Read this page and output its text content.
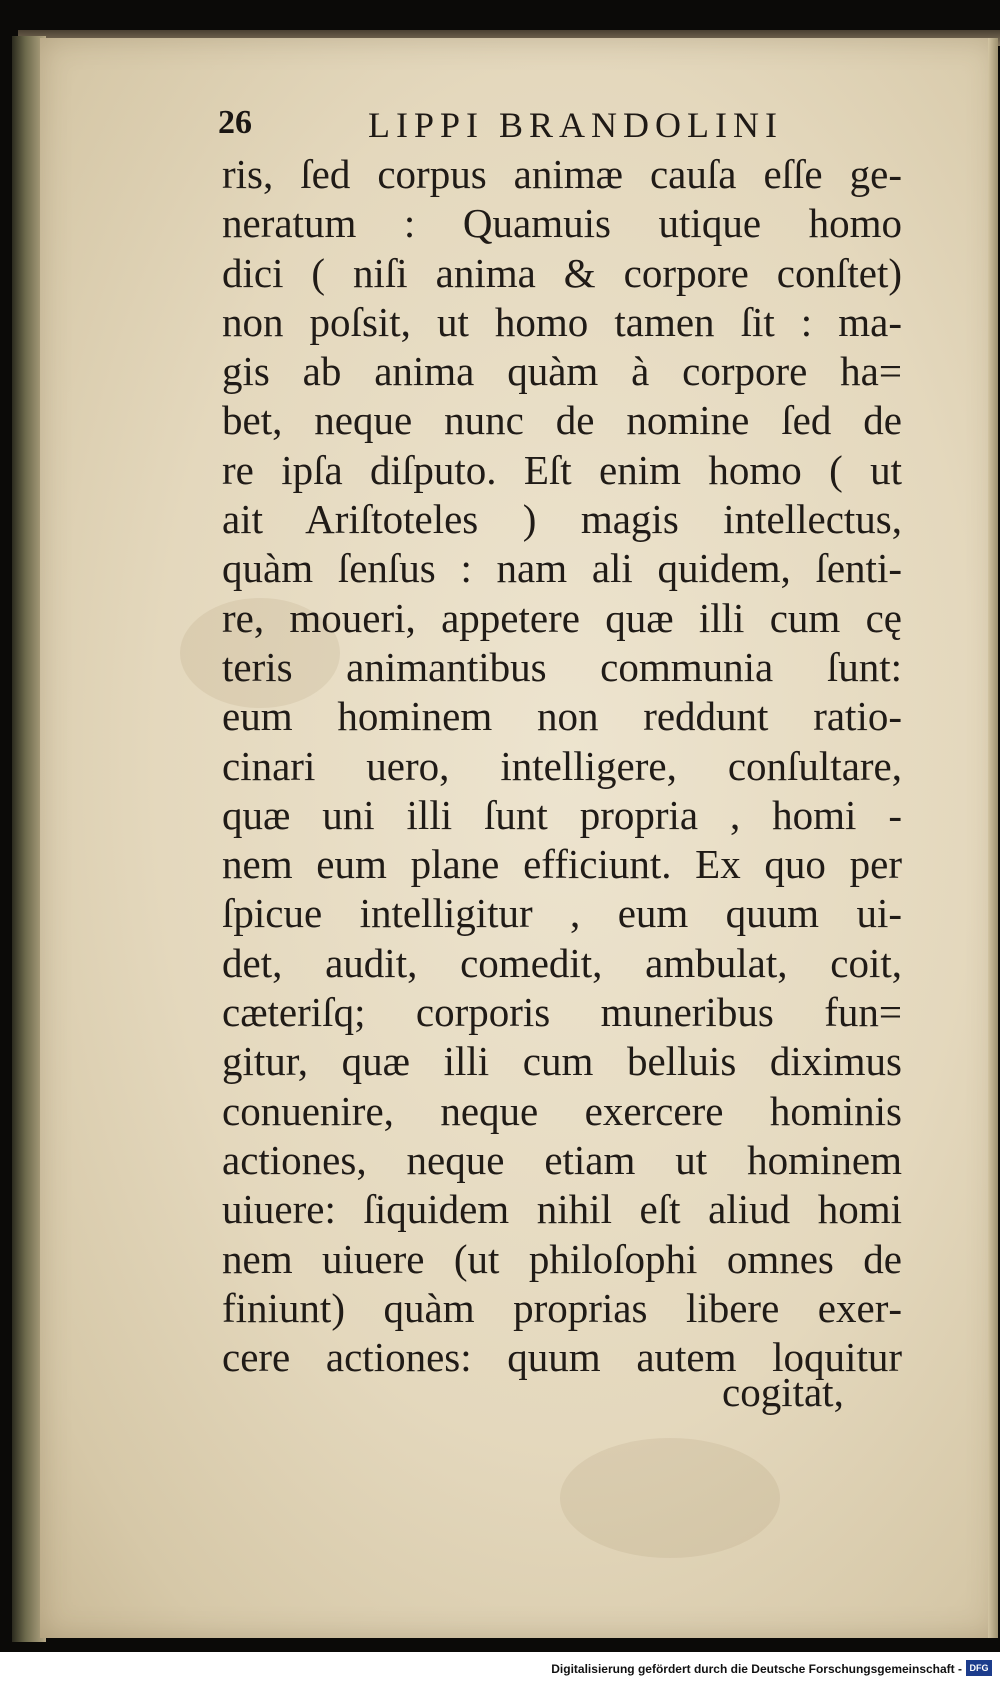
26	LIPPI BRANDOLINI
ris, ſed corpus animæ cauſa eſſe ge‑
neratum : Quamuis utique homo
dici ( niſi anima & corpore conſtet)
non poſsit, ut homo tamen ſit : ma‑
gis ab anima quàm à corpore ha=
bet, neque nunc de nomine ſed de
re ipſa diſputo. Eſt enim homo ( ut
ait Ariſtoteles ) magis intellectus,
quàm ſenſus : nam ali quidem, ſenti‑
re, moueri, appetere quæ illi cum cę
teris animantibus communia ſunt:
eum hominem non reddunt ratio‑
cinari uero, intelligere, conſultare,
quæ uni illi ſunt propria , homi ‑
nem eum plane efficiunt. Ex quo per
ſpicue intelligitur , eum quum ui‑
det, audit, comedit, ambulat, coit,
cæteriſq; corporis muneribus fun=
gitur, quæ illi cum belluis diximus
conuenire, neque exercere hominis
actiones, neque etiam ut hominem
uiuere: ſiquidem nihil eſt aliud homi
nem uiuere (ut philoſophi omnes de
finiunt) quàm proprias libere exer‑
cere actiones: quum autem loquitur
cogitat,
Digitalisierung gefördert durch die Deutsche Forschungsgemeinschaft - DFG
